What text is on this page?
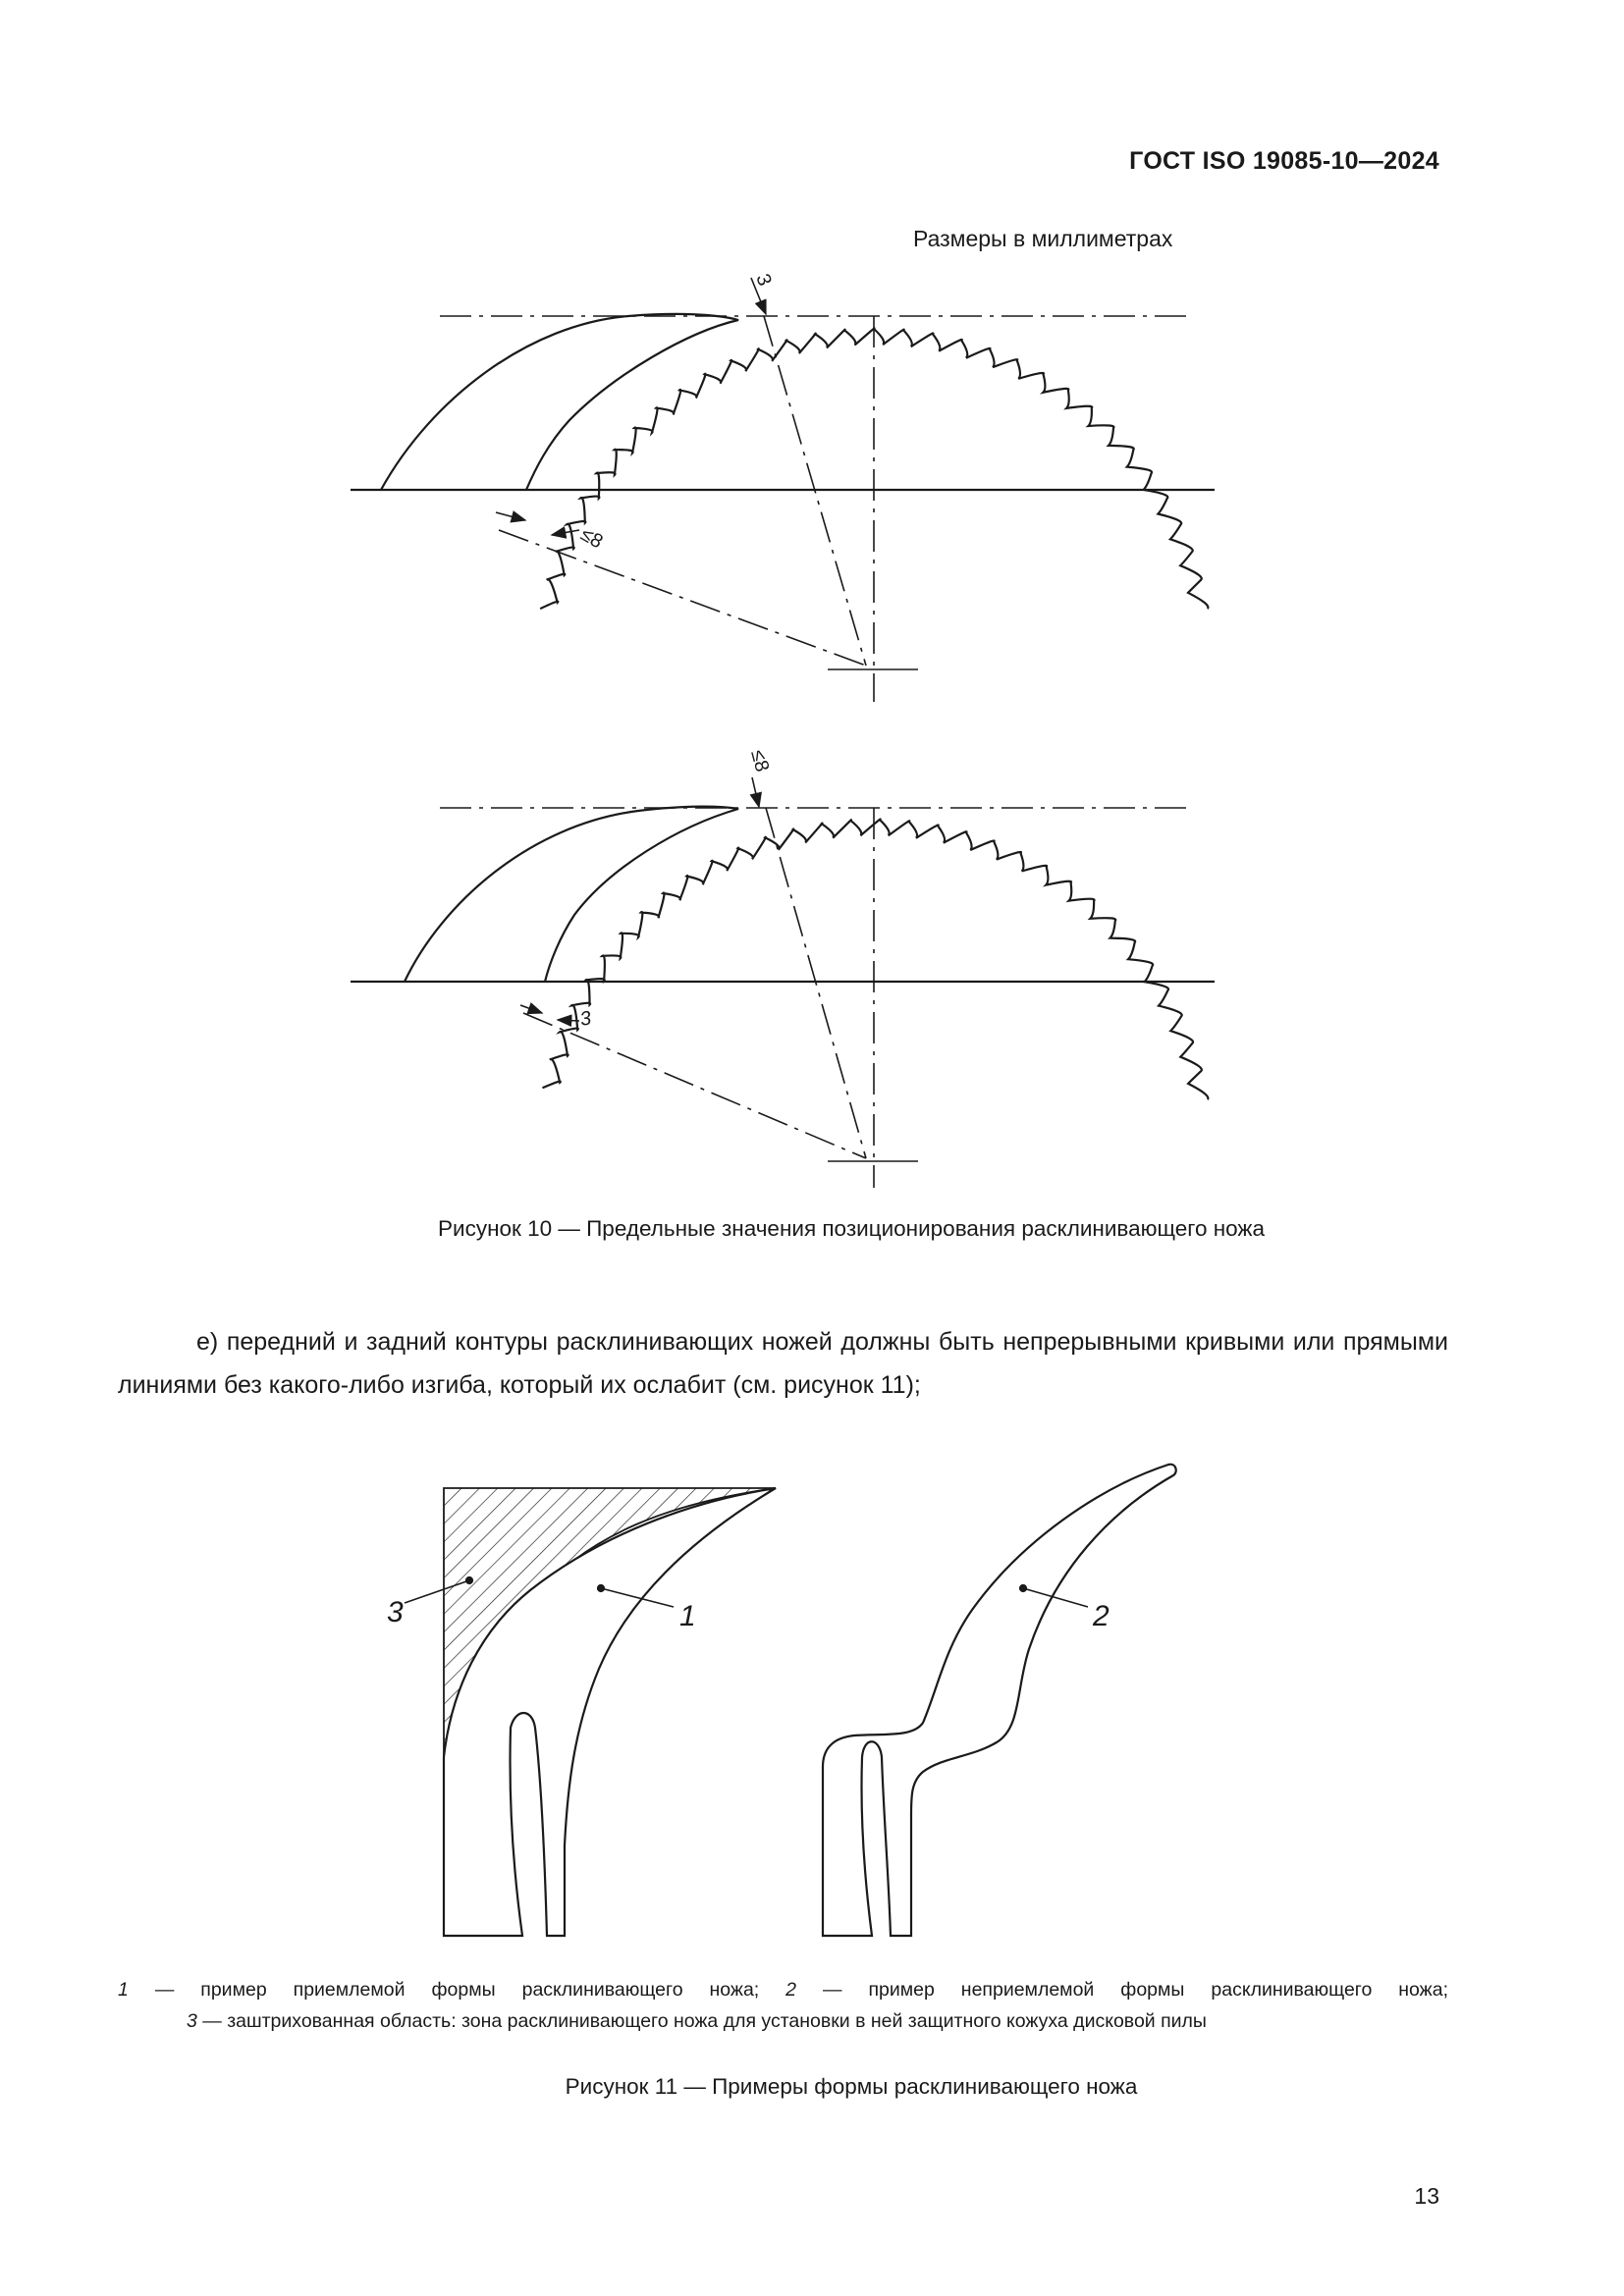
ГОСТ ISO 19085-10—2024
Размеры в миллиметрах
3
≤8
≤8
3
1
3	2
Рисунок 10 — Предельные значения позиционирования расклинивающего ножа
е) передний и задний контуры расклинивающих ножей должны быть непрерывными кривыми или прямыми линиями без какого-либо изгиба, который их ослабит (см. рисунок 11);
1 — пример приемлемой формы расклинивающего ножа; 2 — пример неприемлемой формы расклинивающего ножа;
3 — заштрихованная область: зона расклинивающего ножа для установки в ней защитного кожуха дисковой пилы
Рисунок 11 — Примеры формы расклинивающего ножа
13
